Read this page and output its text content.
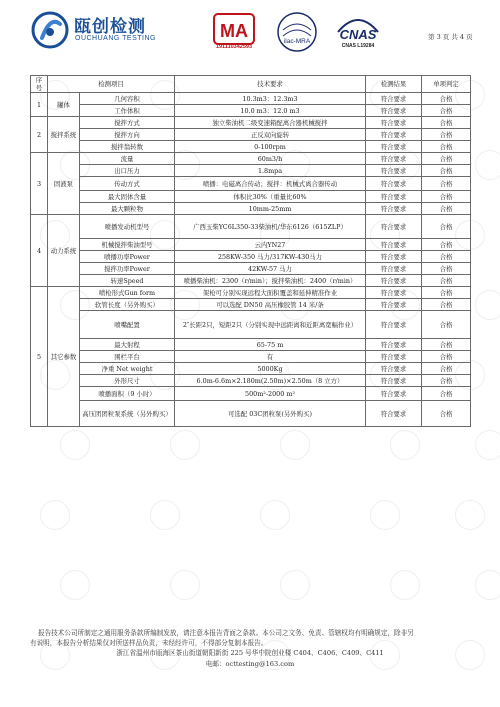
瓯创检测
OUCHUANG TESTING	MA
191110342593
ilac-MRA CNAS
CNAS L19284
第 3 页 共 4 页
序号	检测项目		技术要求	检测结果	单项判定
1	罐体	几何容积	10.3m3：12.3m3	符合要求	合格
		工作体积	10.0 m3：12.0 m3	符合要求	合格
2	搅拌系统	搅拌方式	独立柴油机二级变速箱配离合器机械搅拌	符合要求	合格
		搅拌方向	正反双向旋转	符合要求	合格
		搅拌翁转数	0-100rpm	符合要求	合格
3	固液泵	流量	60m3/h	符合要求	合格
		出口压力	1.8mpa	符合要求	合格
		传动方式	喷播：电磁离合传动；搅拌：机械式离合器传动	符合要求	合格
		最大固体含量	体积比30%（重量比60%	符合要求	合格
		最大颗粒物	10mm-25mm	符合要求	合格
4	动力系统	喷播发动机型号	广西玉柴YC6L350-33柴油机/华东6126（615ZLP）	符合要求	合格
		机械搅拌柴油型号	云内YN27	符合要求	合格
		喷播功率Power	258KW-350 马力/317KW-430马力	符合要求	合格
		搅拌功率Power	42KW-57 马力	符合要求	合格
		转速Speed	喷播柴油机：2300（r/min）；搅拌柴油机：2400（r/min）	符合要求	合格
5	其它参数	喷枪形式Gun form	架枪可分别实现远程大面积覆盖和延伸精准作业	符合要求	合格
		软管长度（另外购买）	可以选配 DN50 高压橡胶管 14 米/条	符合要求	合格
		喷嘴配置	2″长距2只，短距2只（分别实现中远距离和近距离宽幅作业）	符合要求	合格
		最大射程	65-75 m	符合要求	合格
		围栏平台	有	符合要求	合格
		净重 Net weight	5000Kg	符合要求	合格
		外形尺寸	6.0m-6.6m×2.180m(2.50m)×2.50m（8 立方）	符合要求	合格
		喷播面积（9 小时）	500m²-2000 m²	符合要求	合格
		高压团团粒泵系统（另外购买）	可选配 03C团粒泵(另外购买)	符合要求	合格
报告技术公司所制定之通用服务条款所编制发放，请注意本报告背面之条款。本公司之文务、免责、管辖权均有明确规定，除非另
有说明，本报告分析结果仅对所送样品负责，未经经许可，不得部分复制本报告。
浙江省温州市瓯海区茶山街道朝阳新街 225 号华中院创业楼 C404、C406、C409、C411
电邮：octtesting@163.com
